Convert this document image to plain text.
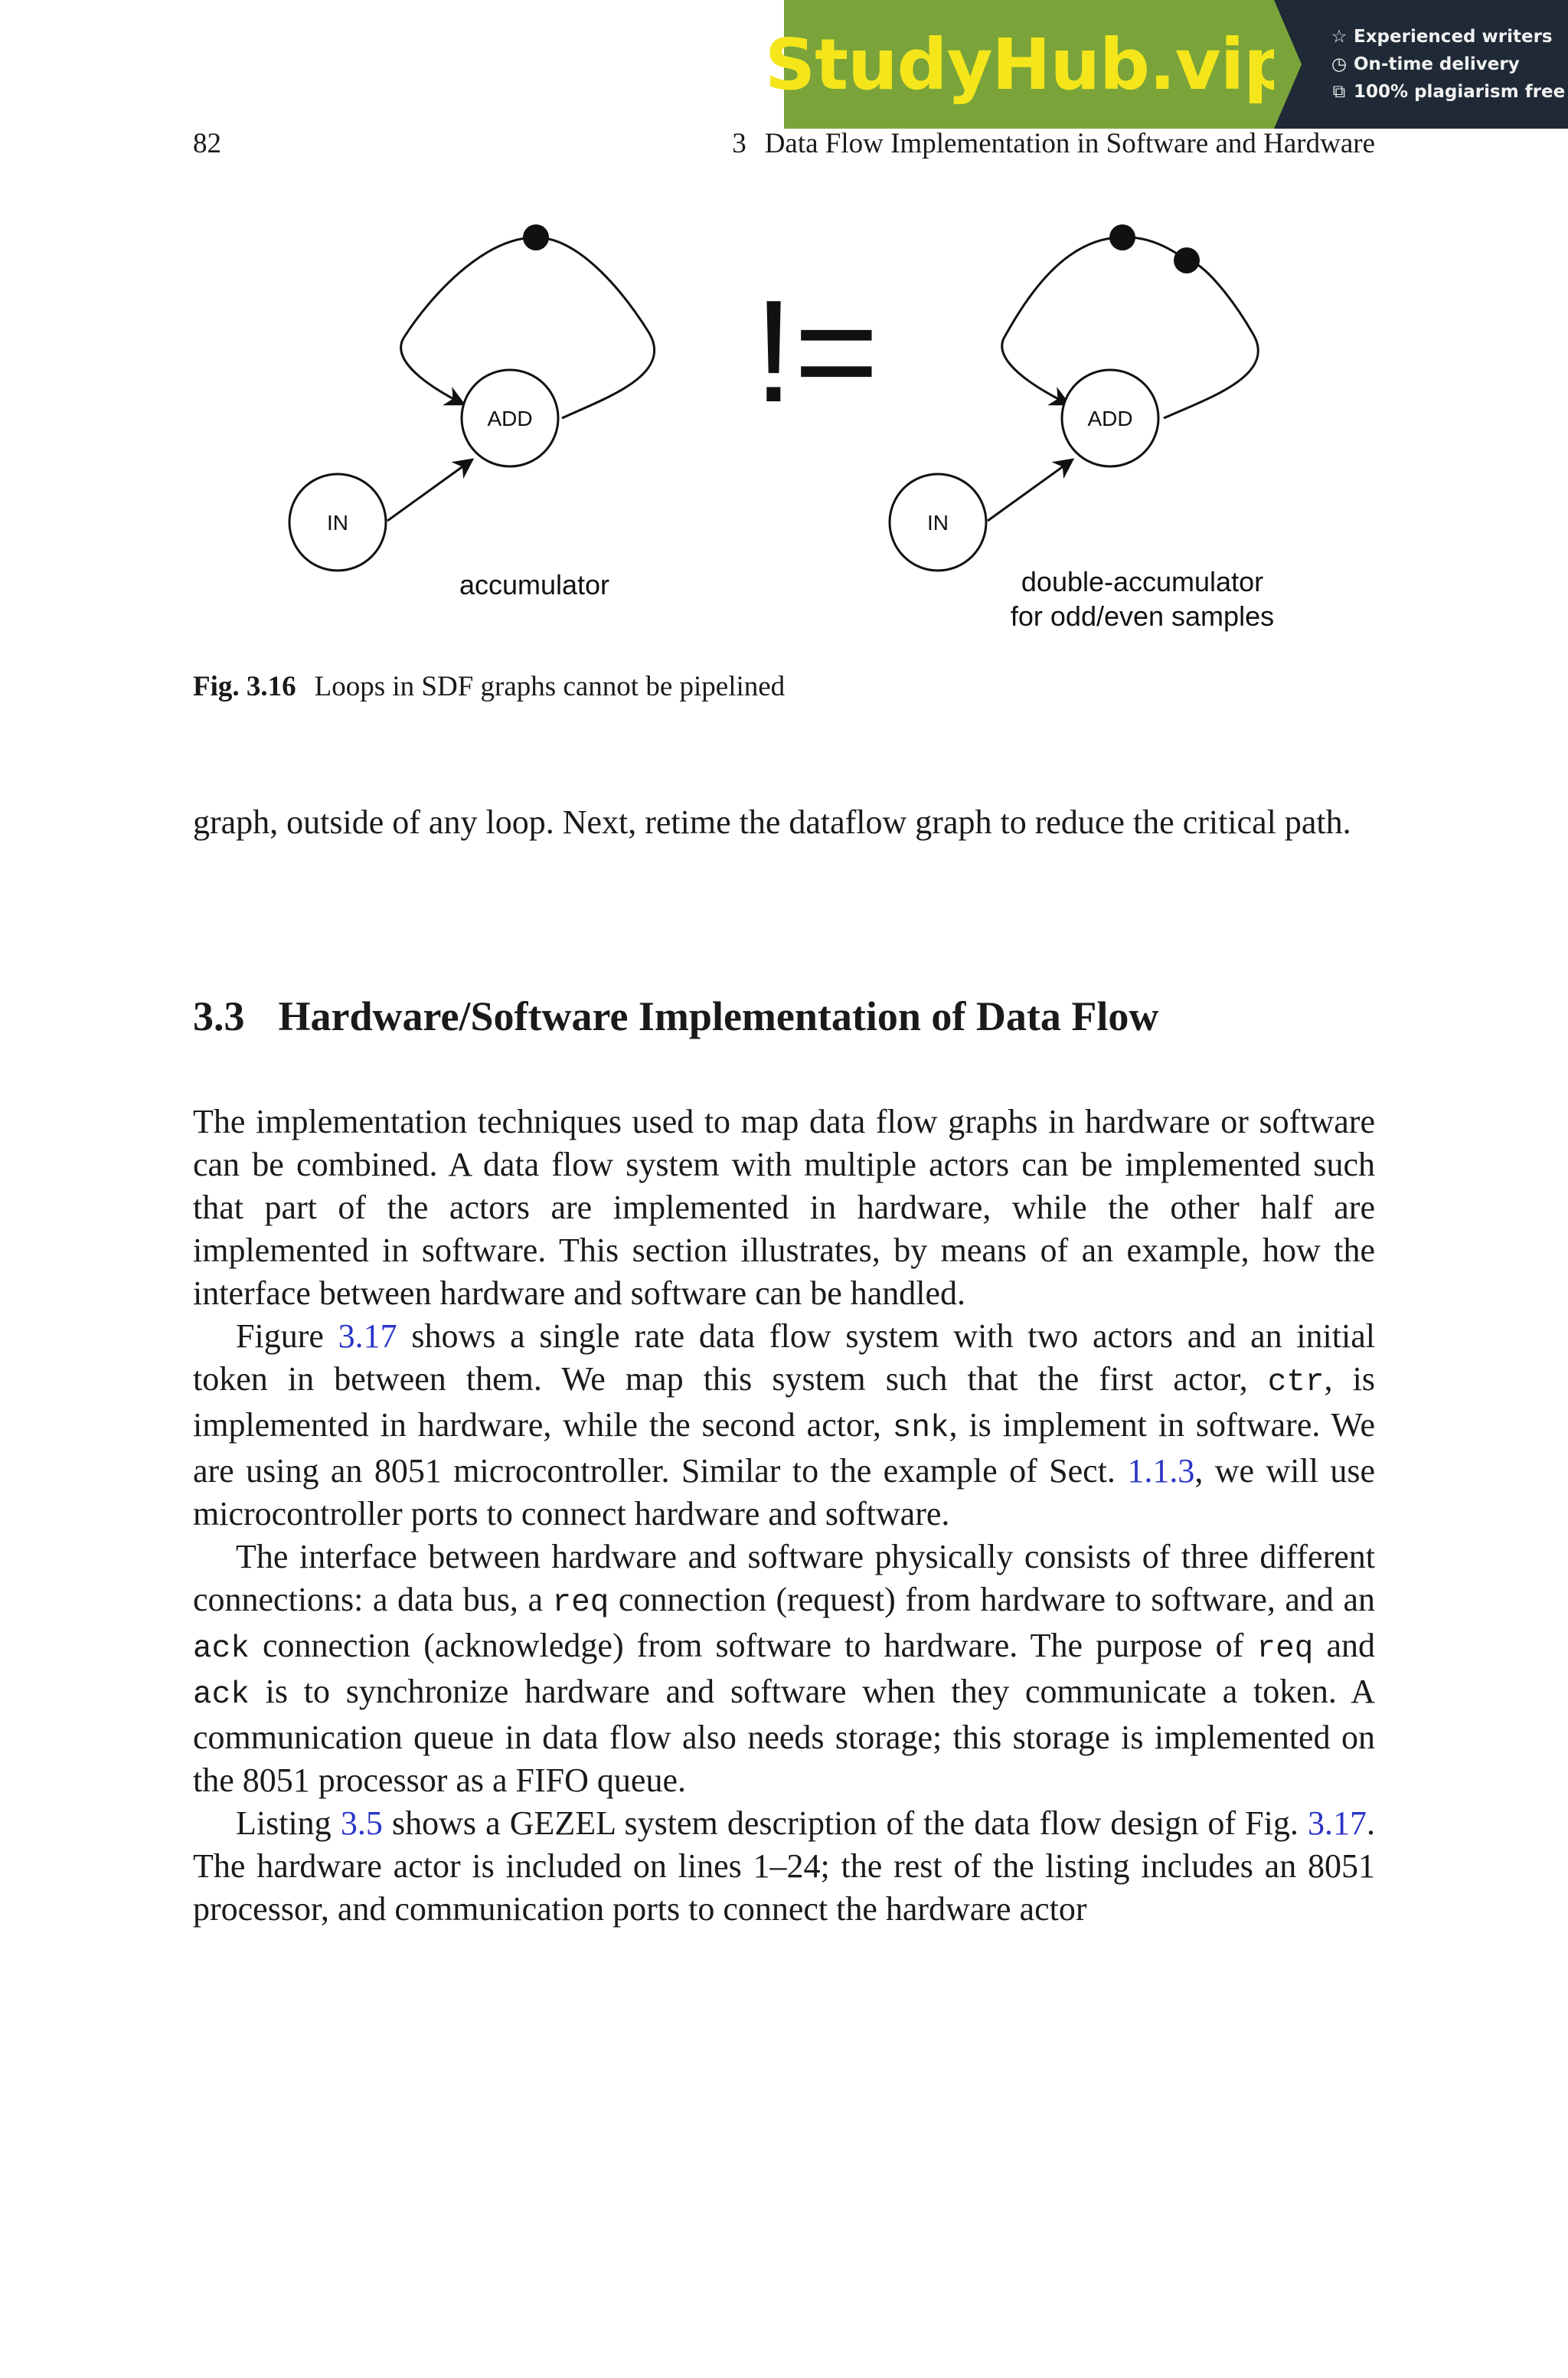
StudyHub.vip ☆ Experienced writers
◷ On-time delivery
⧉ 100% plagiarism free
82	3 Data Flow Implementation in Software and Hardware
ADD
IN
accumulator
!=	ADD
IN
double-accumulator
for odd/even samples
Fig. 3.16 Loops in SDF graphs cannot be pipelined

graph, outside of any loop. Next, retime the dataflow graph to reduce the critical path.

3.3 Hardware/Software Implementation of Data Flow

The implementation techniques used to map data flow graphs in hardware or software can be combined. A data flow system with multiple actors can be implemented such that part of the actors are implemented in hardware, while the other half are implemented in software. This section illustrates, by means of an example, how the interface between hardware and software can be handled.

Figure 3.17 shows a single rate data flow system with two actors and an initial token in between them. We map this system such that the first actor, ctr, is implemented in hardware, while the second actor, snk, is implement in software. We are using an 8051 microcontroller. Similar to the example of Sect. 1.1.3, we will use microcontroller ports to connect hardware and software.

The interface between hardware and software physically consists of three different connections: a data bus, a req connection (request) from hardware to software, and an ack connection (acknowledge) from software to hardware. The purpose of req and ack is to synchronize hardware and software when they communicate a token. A communication queue in data flow also needs storage; this storage is implemented on the 8051 processor as a FIFO queue.

Listing 3.5 shows a GEZEL system description of the data flow design of Fig. 3.17. The hardware actor is included on lines 1–24; the rest of the listing includes an 8051 processor, and communication ports to connect the hardware actor
